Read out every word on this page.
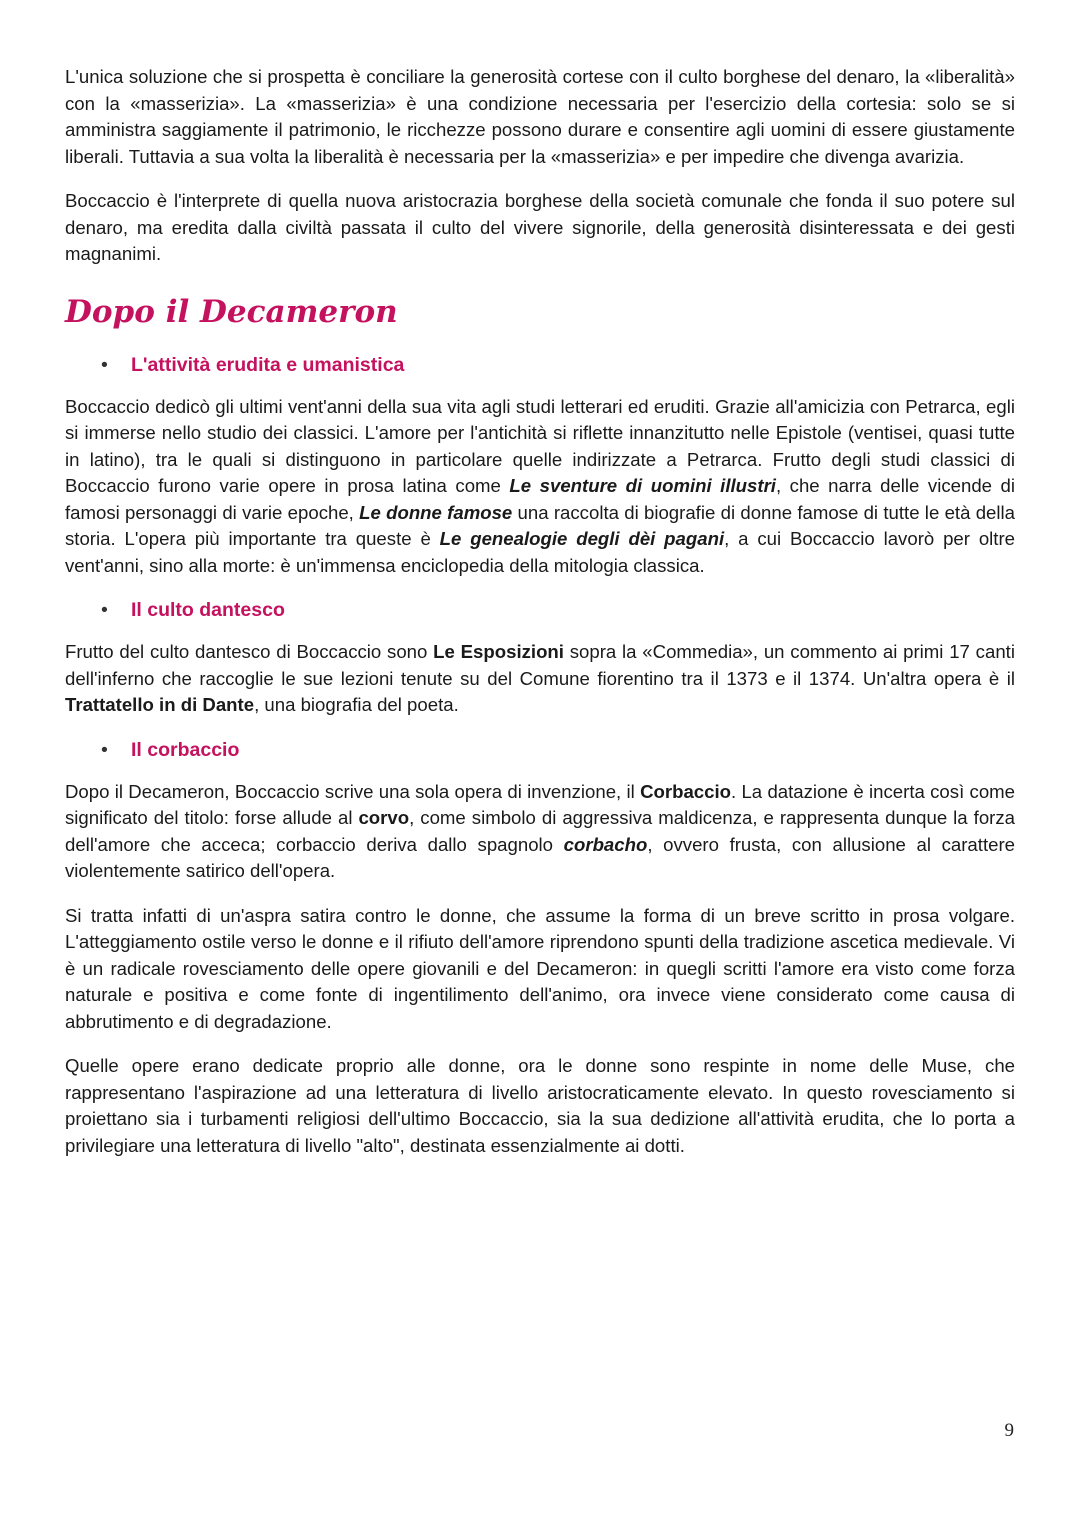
L'unica soluzione che si prospetta è conciliare la generosità cortese con il culto borghese del denaro, la «liberalità» con la «masserizia». La «masserizia» è una condizione necessaria per l'esercizio della cortesia: solo se si amministra saggiamente il patrimonio, le ricchezze possono durare e consentire agli uomini di essere giustamente liberali. Tuttavia a sua volta la liberalità è necessaria per la «masserizia» e per impedire che divenga avarizia.

Boccaccio è l'interprete di quella nuova aristocrazia borghese della società comunale che fonda il suo potere sul denaro, ma eredita dalla civiltà passata il culto del vivere signorile, della generosità disinteressata e dei gesti magnanimi.

Dopo il Decameron
•	L'attività erudita e umanistica

Boccaccio dedicò gli ultimi vent'anni della sua vita agli studi letterari ed eruditi. Grazie all'amicizia con Petrarca, egli si immerse nello studio dei classici. L'amore per l'antichità si riflette innanzitutto nelle Epistole (ventisei, quasi tutte in latino), tra le quali si distinguono in particolare quelle indirizzate a Petrarca. Frutto degli studi classici di Boccaccio furono varie opere in prosa latina come Le sventure di uomini illustri, che narra delle vicende di famosi personaggi di varie epoche, Le donne famose una raccolta di biografie di donne famose di tutte le età della storia. L'opera più importante tra queste è Le genealogie degli dèi pagani, a cui Boccaccio lavorò per oltre vent'anni, sino alla morte: è un'immensa enciclopedia della mitologia classica.

•	Il culto dantesco

Frutto del culto dantesco di Boccaccio sono Le Esposizioni sopra la «Commedia», un commento ai primi 17 canti dell'inferno che raccoglie le sue lezioni tenute su del Comune fiorentino tra il 1373 e il 1374. Un'altra opera è il Trattatello in di Dante, una biografia del poeta.

•	Il corbaccio

Dopo il Decameron, Boccaccio scrive una sola opera di invenzione, il Corbaccio. La datazione è incerta così come significato del titolo: forse allude al corvo, come simbolo di aggressiva maldicenza, e rappresenta dunque la forza dell'amore che acceca; corbaccio deriva dallo spagnolo corbacho, ovvero frusta, con allusione al carattere violentemente satirico dell'opera.

Si tratta infatti di un'aspra satira contro le donne, che assume la forma di un breve scritto in prosa volgare. L'atteggiamento ostile verso le donne e il rifiuto dell'amore riprendono spunti della tradizione ascetica medievale. Vi è un radicale rovesciamento delle opere giovanili e del Decameron: in quegli scritti l'amore era visto come forza naturale e positiva e come fonte di ingentilimento dell'animo, ora invece viene considerato come causa di abbrutimento e di degradazione.

Quelle opere erano dedicate proprio alle donne, ora le donne sono respinte in nome delle Muse, che rappresentano l'aspirazione ad una letteratura di livello aristocraticamente elevato. In questo rovesciamento si proiettano sia i turbamenti religiosi dell'ultimo Boccaccio, sia la sua dedizione all'attività erudita, che lo porta a privilegiare una letteratura di livello "alto", destinata essenzialmente ai dotti.

9
